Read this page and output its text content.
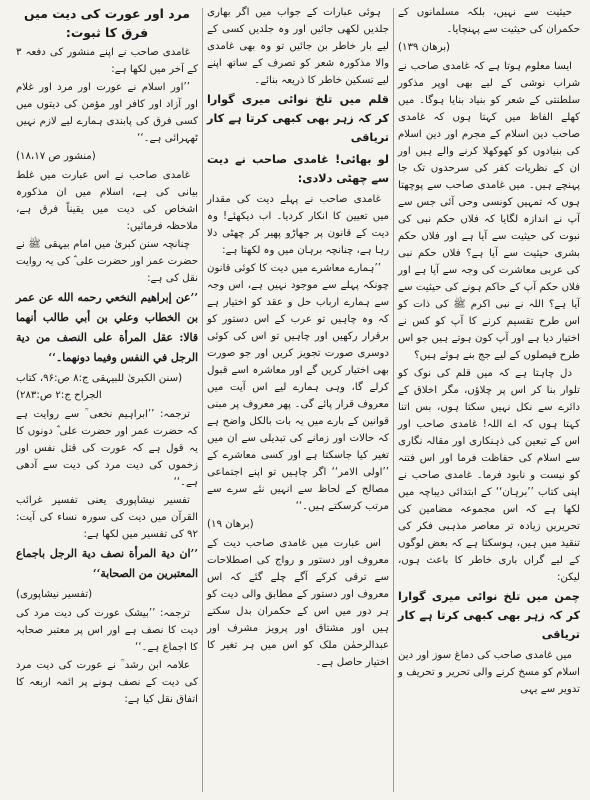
حیثیت سے نہیں، بلکہ مسلمانوں کے حکمران کی حیثیت سے پہنچایا۔

(برھان ۱۳۹)

ایسا معلوم ہوتا ہے کہ غامدی صاحب نے شراب نوشی کے لیے بھی اوپر مذکور سلطنتی کے شعر کو بنیاد بنایا ہوگا۔ میں کھلے الفاظ میں کہتا ہوں کہ غامدی صاحب دین اسلام کے مجرم اور دین اسلام کی بنیادوں کو کھوکھلا کرنے والے ہیں اور ان کے نظریات کفر کی سرحدوں تک جا پہنچے ہیں۔ میں غامدی صاحب سے پوچھتا ہوں کہ تمہیں کونسی وحی آئی جس سے آپ نے اندازہ لگایا کہ فلاں حکم نبی کی نبوت کی حیثیت سے آیا ہے اور فلاں حکم بشری حیثیت سے آیا ہے؟ فلاں حکم نبی کی عربی معاشرت کی وجہ سے آیا ہے اور فلاں حکم آپ کے حاکم ہونے کی حیثیت سے آیا ہے؟ اللہ نے نبی اکرم ﷺ کی ذات کو اس طرح تقسیم کرنے کا آپ کو کس نے اختیار دیا ہے اور آپ کون ہوتے ہیں جو اس طرح فیصلوں کے لیے جج بنے ہوئے ہیں؟

دل چاہتا ہے کہ میں قلم کی نوک کو تلوار بنا کر اس پر چلاؤں، مگر اخلاق کے دائرے سے نکل نہیں سکتا ہوں، بس اتنا کہتا ہوں کہ اے اللہ! غامدی صاحب اور اس کے تبعین کی ذہنکاری اور مقالہ نگاری سے اسلام کی حفاظت فرما اور اس فتنہ کو نیست و نابود فرما۔ غامدی صاحب نے اپنی کتاب ’’برہان‘‘ کے ابتدائی دیباچہ میں لکھا ہے کہ اس مجموعہ مضامین کی تحریریں زیادہ تر معاصر مذہبی فکر کی تنقید میں ہیں، ہوسکتا ہے کہ بعض لوگوں کے لیے گراں باری خاطر کا باعث ہوں، لیکن:

چمن میں تلخ نوائی میری گوارا کر کہ زہر بھی کبھی کرتا ہے کار تریاقی

میں غامدی صاحب کی دماغ سوز اور دین اسلام کو مسخ کرنے والی تحریر و تحریف و تدویر سے یہی

ہوئی عبارات کے جواب میں اگر بھاری جلدیں لکھی جائیں اور وہ جلدیں کسی کے لیے بار خاطر بن جائیں تو وہ بھی غامدی والا مذکورہ شعر کو تصرف کے ساتھ اپنے لیے تسکین خاطر کا ذریعہ بنائے۔

قلم میں تلخ نوائی میری گوارا کر کہ زہر بھی کبھی کرتا ہے کار تریاقی

لو بھائی! غامدی صاحب نے دیت سے چھٹی دلادی:

غامدی صاحب نے پہلے دیت کی مقدار میں تعیین کا انکار کردیا۔ اب دیکھئے! وہ دیت کے قانون پر جھاڑو پھیر کر چھٹی دلا رہا ہے، چنانچہ برہان میں وہ لکھتا ہے:

’’ہمارے معاشرے میں دیت کا کوئی قانون چونکہ پہلے سے موجود نہیں ہے، اس وجہ سے ہمارے ارباب حل و عقد کو اختیار ہے کہ وہ چاہیں تو عرب کے اس دستور کو برقرار رکھیں اور چاہیں تو اس کی کوئی دوسری صورت تجویز کریں اور جو صورت بھی اختیار کریں گے اور معاشرہ اسے قبول کرلے گا، وہی ہمارے لیے اس آیت میں معروف قرار پائے گی۔ پھر معروف پر مبنی قوانین کے بارے میں یہ بات بالکل واضح ہے کہ حالات اور زمانے کی تبدیلی سے ان میں تغیر کیا جاسکتا ہے اور کسی معاشرے کے ’’اولی الامر‘‘ اگر چاہیں تو اپنے اجتماعی مصالح کے لحاظ سے انہیں نئے سرے سے مرتب کرسکتے ہیں۔‘‘

(برھان ۱۹)

اس عبارت میں غامدی صاحب دیت کے معروف اور دستور و رواج کی اصطلاحات سے ترقی کرکے آگے چلے گئے کہ اس معروف اور دستور کے مطابق والی دیت کو ہر دور میں اس کے حکمران بدل سکتے ہیں اور مشتاق اور پرویز مشرف اور عبدالرحمٰن ملک کو اس میں ہر تغیر کا اختیار حاصل ہے۔

مرد اور عورت کی دیت میں فرق کا ثبوت:

غامدی صاحب نے اپنے منشور کی دفعہ ۳ کے آخر میں لکھا ہے:

’’اور اسلام نے عورت اور مرد اور غلام اور آزاد اور کافر اور مؤمن کی دیتوں میں کسی فرق کی پابندی ہمارے لیے لازم نہیں ٹھہرائی ہے۔‘‘

(منشور ص ۱۸،۱۷)

غامدی صاحب نے اس عبارت میں غلط بیانی کی ہے، اسلام میں ان مذکورہ اشخاص کی دیت میں یقیناً فرق ہے، ملاحظہ فرمائیں:

چنانچہ سنن کبریٰ میں امام بیہقی ﷺ نے حضرت عمر اور حضرت علی ؓ کی یہ روایت نقل کی ہے:

’’عن إبراهيم النخعي رحمه الله عن عمر بن الخطاب وعلي بن أبي طالب أنهما قالا: عقل المرأة على النصف من دية الرجل في النفس وفيما دونهما۔‘‘

(سنن الکبریٰ للبیہقی ج:۸ ص:۹۶، کتاب الجراح ج:۲ ص:۲۸۳)

ترجمہ: ’’ابراہیم نخعی ؒ سے روایت ہے کہ حضرت عمر اور حضرت علی ؓ دونوں کا یہ قول ہے کہ عورت کی قتل نفس اور زخموں کی دیت مرد کی دیت سے آدھی ہے۔‘‘

تفسیر نیشاپوری یعنی تفسیر غرائب القرآن میں دیت کی سورہ نساء کی آیت: ۹۲ کی تفسیر میں لکھا ہے:

’’ان دية المرأة نصف دية الرجل باجماع المعتبرين من الصحابة‘‘

(تفسیر نیشاپوری)

ترجمہ: ’’بیشک عورت کی دیت مرد کی دیت کا نصف ہے اور اس پر معتبر صحابہ کا اجماع ہے۔‘‘

علامہ ابن رشد ؒ نے عورت کی دیت مرد کی دیت کے نصف ہونے پر ائمہ اربعہ کا اتفاق نقل کیا ہے:
